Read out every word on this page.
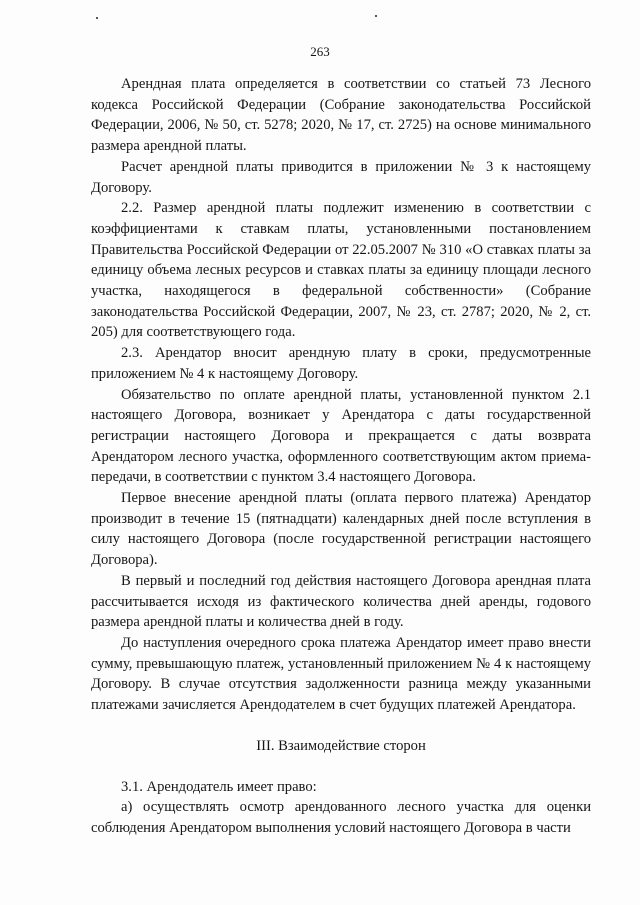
263

Арендная плата определяется в соответствии со статьей 73 Лесного кодекса Российской Федерации (Собрание законодательства Российской Федерации, 2006, № 50, ст. 5278; 2020, № 17, ст. 2725) на основе минимального размера арендной платы.

Расчет арендной платы приводится в приложении № 3 к настоящему Договору.

2.2. Размер арендной платы подлежит изменению в соответствии с коэффициентами к ставкам платы, установленными постановлением Правительства Российской Федерации от 22.05.2007 № 310 «О ставках платы за единицу объема лесных ресурсов и ставках платы за единицу площади лесного участка, находящегося в федеральной собственности» (Собрание законодательства Российской Федерации, 2007, № 23, ст. 2787; 2020, № 2, ст. 205) для соответствующего года.

2.3. Арендатор вносит арендную плату в сроки, предусмотренные приложением № 4 к настоящему Договору.

Обязательство по оплате арендной платы, установленной пунктом 2.1 настоящего Договора, возникает у Арендатора с даты государственной регистрации настоящего Договора и прекращается с даты возврата Арендатором лесного участка, оформленного соответствующим актом приема-передачи, в соответствии с пунктом 3.4 настоящего Договора.

Первое внесение арендной платы (оплата первого платежа) Арендатор производит в течение 15 (пятнадцати) календарных дней после вступления в силу настоящего Договора (после государственной регистрации настоящего Договора).

В первый и последний год действия настоящего Договора арендная плата рассчитывается исходя из фактического количества дней аренды, годового размера арендной платы и количества дней в году.

До наступления очередного срока платежа Арендатор имеет право внести сумму, превышающую платеж, установленный приложением № 4 к настоящему Договору. В случае отсутствия задолженности разница между указанными платежами зачисляется Арендодателем в счет будущих платежей Арендатора.

III. Взаимодействие сторон

3.1. Арендодатель имеет право:

а) осуществлять осмотр арендованного лесного участка для оценки соблюдения Арендатором выполнения условий настоящего Договора в части
